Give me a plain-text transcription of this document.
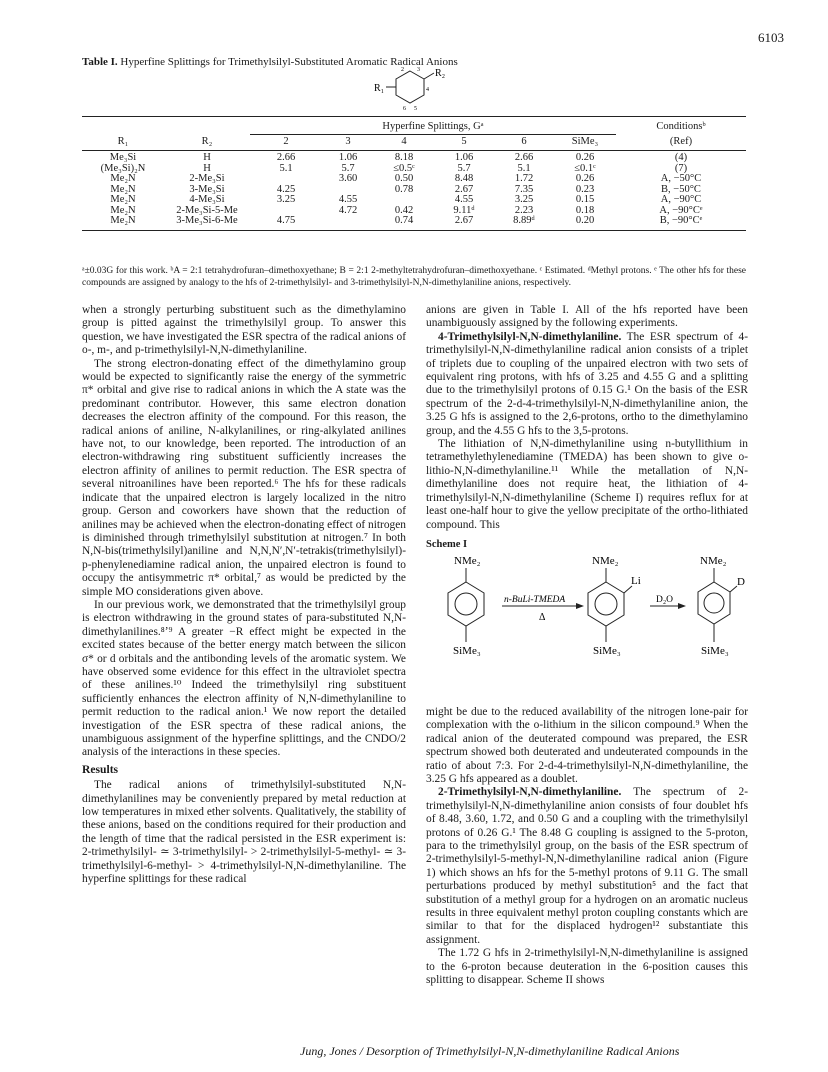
6103
Table I. Hyperfine Splittings for Trimethylsilyl-Substituted Aromatic Radical Anions
R₁
R₂
2 3
4
5
6
		Hyperfine Splittings, Gᵃ						Conditionsᵇ
R₁	R₂	2	3	4	5	6	SiMe₃	(Ref)

Me₃Si	H	2.66	1.06	8.18	1.06	2.66	0.26	(4)
(Me₃Si)₂N	H	5.1	5.7	≤0.5ᶜ	5.7	5.1	≤0.1ᶜ	(7)
Me₂N	2-Me₃Si		3.60	0.50	8.48	1.72	0.26	A, −50°C
Me₂N	3-Me₃Si	4.25		0.78	2.67	7.35	0.23	B, −50°C
Me₂N	4-Me₃Si	3.25	4.55		4.55	3.25	0.15	A, −90°C
Me₂N	2-Me₃Si-5-Me		4.72	0.42	9.11ᵈ	2.23	0.18	A, −90°Cᵉ
Me₂N	3-Me₃Si-6-Me	4.75		0.74	2.67	8.89ᵈ	0.20	B, −90°Cᵉ

ᵃ±0.03G for this work. ᵇA = 2:1 tetrahydrofuran–dimethoxyethane; B = 2:1 2-methyltetrahydrofuran–dimethoxyethane. ᶜ Estimated. ᵈMethyl protons. ᵉ The other hfs for these compounds are assigned by analogy to the hfs of 2-trimethylsilyl- and 3-trimethylsilyl-N,N-dimethylaniline anions, respectively.

when a strongly perturbing substituent such as the dimethylamino group is pitted against the trimethylsilyl group. To answer this question, we have investigated the ESR spectra of the radical anions of o-, m-, and p-trimethylsilyl-N,N-dimethylaniline.

The strong electron-donating effect of the dimethylamino group would be expected to significantly raise the energy of the symmetric π* orbital and give rise to radical anions in which the A state was the predominant contributor. However, this same electron donation decreases the electron affinity of the compound. For this reason, the radical anions of aniline, N-alkylanilines, or ring-alkylated anilines have not, to our knowledge, been reported. The introduction of an electron-withdrawing ring substituent sufficiently increases the electron affinity of anilines to permit reduction. The ESR spectra of several nitroanilines have been reported.⁶ The hfs for these radicals indicate that the unpaired electron is largely localized in the nitro group. Gerson and coworkers have shown that the reduction of anilines may be achieved when the electron-donating effect of nitrogen is diminished through trimethylsilyl substitution at nitrogen.⁷ In both N,N-bis(trimethylsilyl)aniline and N,N,N′,N′-tetrakis(trimethylsilyl)-p-phenylenediamine radical anion, the unpaired electron is found to occupy the antisymmetric π* orbital,⁷ as would be predicted by the simple MO considerations given above.

In our previous work, we demonstrated that the trimethylsilyl group is electron withdrawing in the ground states of para-substituted N,N-dimethylanilines.⁸ʼ⁹ A greater −R effect might be expected in the excited states because of the better energy match between the silicon σ* or d orbitals and the antibonding levels of the aromatic system. We have observed some evidence for this effect in the ultraviolet spectra of these anilines.¹⁰ Indeed the trimethylsilyl ring substituent sufficiently enhances the electron affinity of N,N-dimethylaniline to permit reduction to the radical anion.¹ We now report the detailed investigation of the ESR spectra of these radical anions, the unambiguous assignment of the hyperfine splittings, and the CNDO/2 analysis of the interactions in these species.

Results

The radical anions of trimethylsilyl-substituted N,N-dimethylanilines may be conveniently prepared by metal reduction at low temperatures in mixed ether solvents. Qualitatively, the stability of these anions, based on the conditions required for their production and the length of time that the radical persisted in the ESR experiment is: 2-trimethylsilyl- ≃ 3-trimethylsilyl- > 2-trimethylsilyl-5-methyl- ≃ 3-trimethylsilyl-6-methyl- > 4-trimethylsilyl-N,N-dimethylaniline. The hyperfine splittings for these radical

anions are given in Table I. All of the hfs reported have been unambiguously assigned by the following experiments.

4-Trimethylsilyl-N,N-dimethylaniline. The ESR spectrum of 4-trimethylsilyl-N,N-dimethylaniline radical anion consists of a triplet of triplets due to coupling of the unpaired electron with two sets of equivalent ring protons, with hfs of 3.25 and 4.55 G and a splitting due to the trimethylsilyl protons of 0.15 G.¹ On the basis of the ESR spectrum of the 2-d-4-trimethylsilyl-N,N-dimethylaniline anion, the 3.25 G hfs is assigned to the 2,6-protons, ortho to the dimethylamino group, and the 4.55 G hfs to the 3,5-protons.

The lithiation of N,N-dimethylaniline using n-butyllithium in tetramethylethylenediamine (TMEDA) has been shown to give o-lithio-N,N-dimethylaniline.¹¹ While the metallation of N,N-dimethylaniline does not require heat, the lithiation of 4-trimethylsilyl-N,N-dimethylaniline (Scheme I) requires reflux for at least one-half hour to give the yellow precipitate of the ortho-lithiated compound. This

Scheme I
NMe₂
SiMe₃
n-BuLi-TMEDA
Δ
NMe₂
Li
SiMe₃
D₂O
NMe₂
D
SiMe₃

might be due to the reduced availability of the nitrogen lone-pair for complexation with the o-lithium in the silicon compound.⁹ When the radical anion of the deuterated compound was prepared, the ESR spectrum showed both deuterated and undeuterated compounds in the ratio of about 7:3. For 2-d-4-trimethylsilyl-N,N-dimethylaniline, the 3.25 G hfs appeared as a doublet.

2-Trimethylsilyl-N,N-dimethylaniline. The spectrum of 2-trimethylsilyl-N,N-dimethylaniline anion consists of four doublet hfs of 8.48, 3.60, 1.72, and 0.50 G and a coupling with the trimethylsilyl protons of 0.26 G.¹ The 8.48 G coupling is assigned to the 5-proton, para to the trimethylsilyl group, on the basis of the ESR spectrum of 2-trimethylsilyl-5-methyl-N,N-dimethylaniline radical anion (Figure 1) which shows an hfs for the 5-methyl protons of 9.11 G. The small perturbations produced by methyl substitution⁵ and the fact that substitution of a methyl group for a hydrogen on an aromatic nucleus results in three equivalent methyl proton coupling constants which are similar to that for the displaced hydrogen¹² substantiate this assignment.

The 1.72 G hfs in 2-trimethylsilyl-N,N-dimethylaniline is assigned to the 6-proton because deuteration in the 6-position causes this splitting to disappear. Scheme II shows

Jung, Jones / Desorption of Trimethylsilyl-N,N-dimethylaniline Radical Anions
